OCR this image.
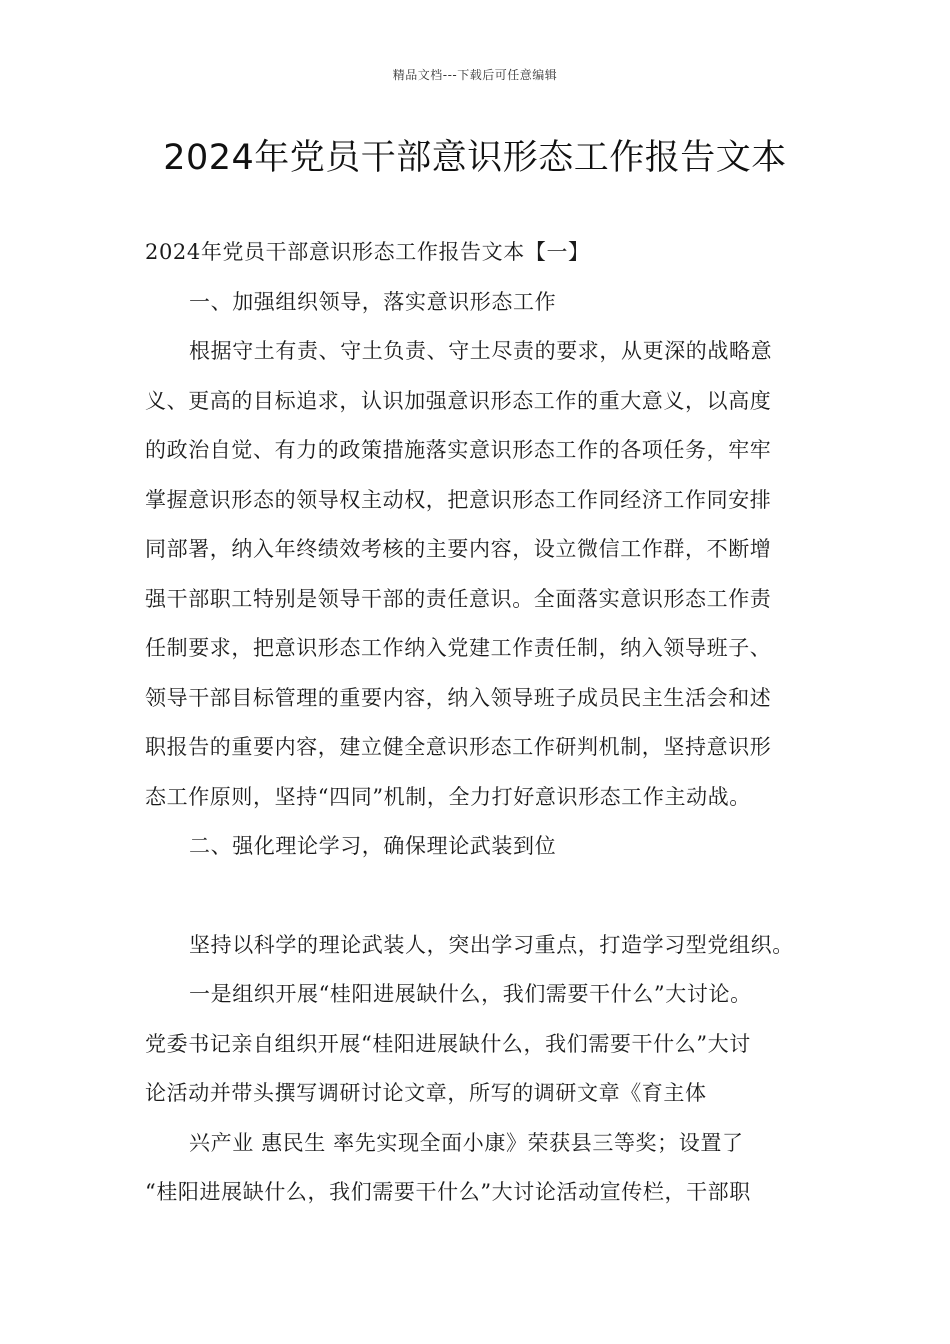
精品文档---下载后可任意编辑
2024年党员干部意识形态工作报告文本
2024年党员干部意识形态工作报告文本【一】
一、加强组织领导，落实意识形态工作
根据守土有责、守土负责、守土尽责的要求，从更深的战略意
义、更高的目标追求，认识加强意识形态工作的重大意义，以高度
的政治自觉、有力的政策措施落实意识形态工作的各项任务，牢牢
掌握意识形态的领导权主动权，把意识形态工作同经济工作同安排
同部署，纳入年终绩效考核的主要内容，设立微信工作群，不断增
强干部职工特别是领导干部的责任意识。全面落实意识形态工作责
任制要求，把意识形态工作纳入党建工作责任制，纳入领导班子、
领导干部目标管理的重要内容，纳入领导班子成员民主生活会和述
职报告的重要内容，建立健全意识形态工作研判机制，坚持意识形
态工作原则，坚持“四同”机制，全力打好意识形态工作主动战。
二、强化理论学习，确保理论武装到位
坚持以科学的理论武装人，突出学习重点，打造学习型党组织。
一是组织开展“桂阳进展缺什么，我们需要干什么”大讨论。
党委书记亲自组织开展“桂阳进展缺什么，我们需要干什么”大讨
论活动并带头撰写调研讨论文章，所写的调研文章《育主体
兴产业 惠民生 率先实现全面小康》荣获县三等奖；设置了
“桂阳进展缺什么，我们需要干什么”大讨论活动宣传栏，干部职
